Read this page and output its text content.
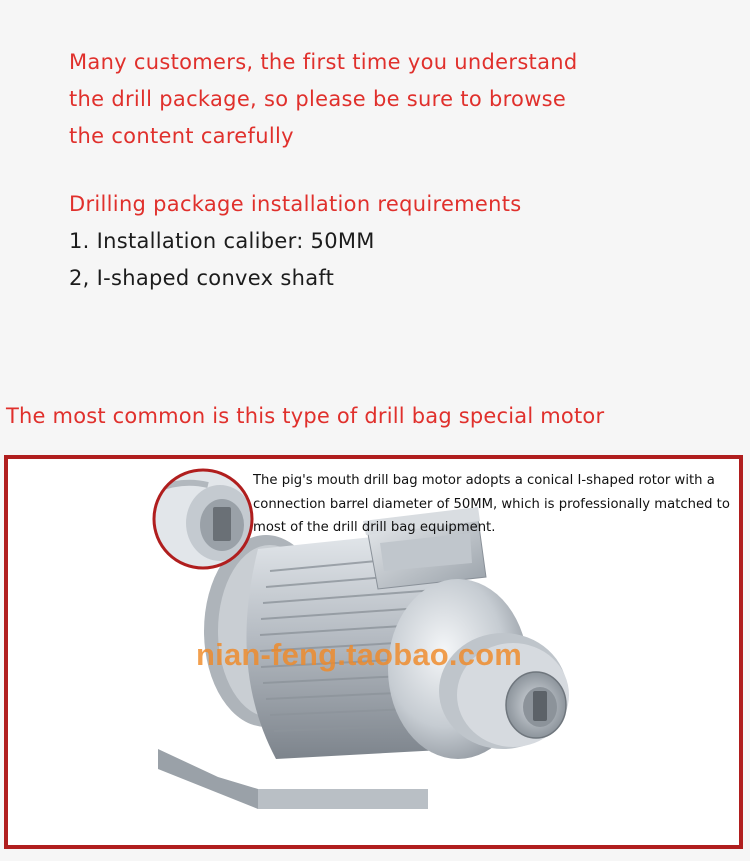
Many customers, the first time you understand
the drill package, so please be sure to browse
the content carefully
Drilling package installation requirements
1. Installation caliber: 50MM
2, I-shaped convex shaft
The most common is this type of drill bag special motor
The pig's mouth drill bag motor adopts a conical I-shaped rotor with a connection barrel diameter of 50MM, which is professionally matched to most of the drill drill bag equipment.
nian-feng.taobao.com
